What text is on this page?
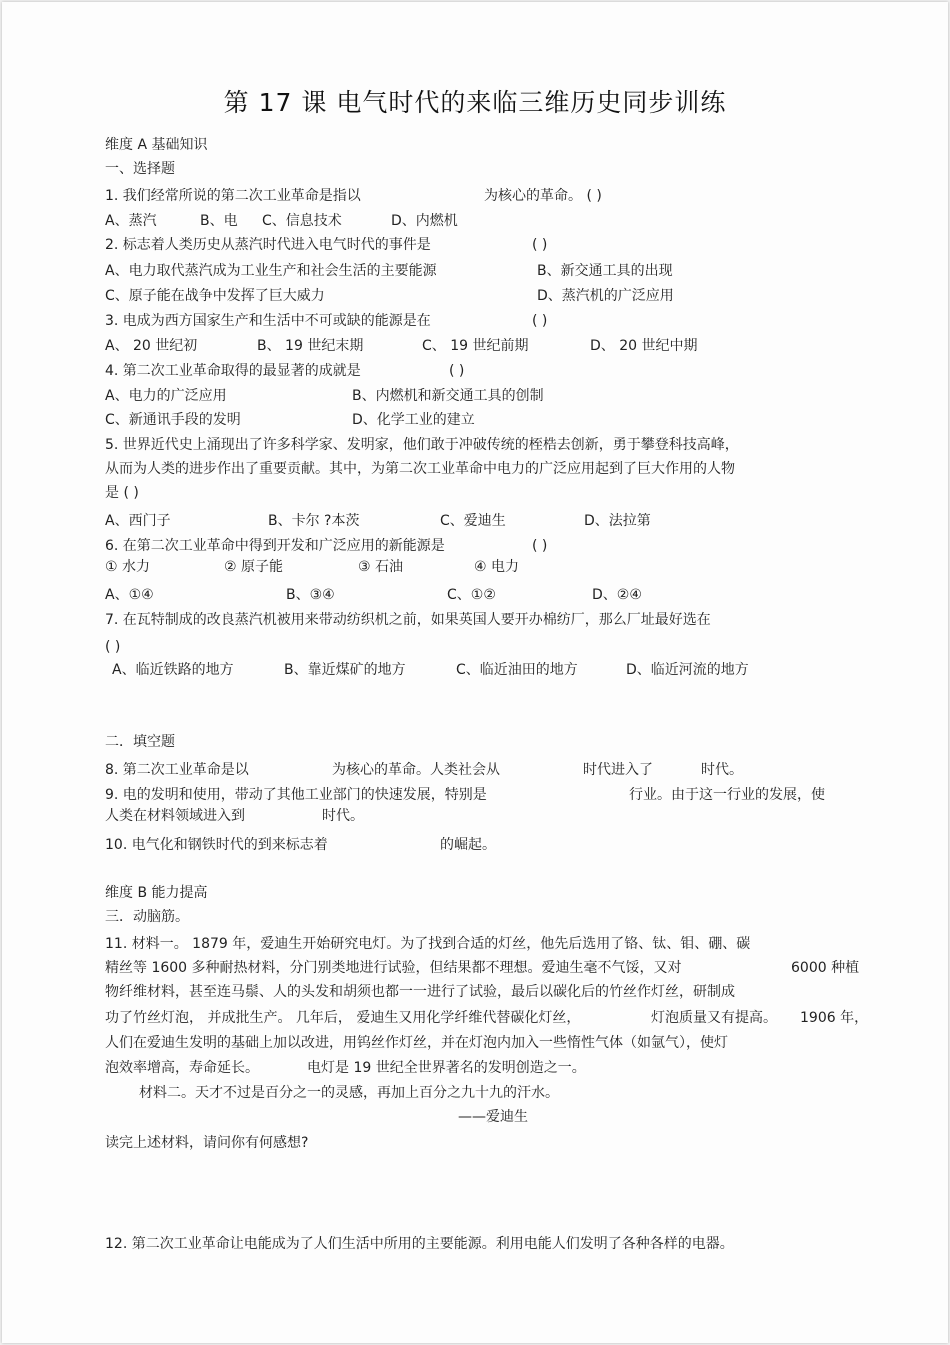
第 17 课 电气时代的来临三维历史同步训练
维度 A 基础知识
一、选择题
1. 我们经常所说的第二次工业革命是指以	为核心的革命。 ( )
A、蒸汽	B、电 C、信息技术	D、内燃机
2. 标志着人类历史从蒸汽时代进入电气时代的事件是	( )
A、电力取代蒸汽成为工业生产和社会生活的主要能源	B、新交通工具的出现
C、原子能在战争中发挥了巨大威力	D、蒸汽机的广泛应用
3. 电成为西方国家生产和生活中不可或缺的能源是在	( )
A、 20 世纪初	B、 19 世纪末期	C、 19 世纪前期	D、 20 世纪中期
4. 第二次工业革命取得的最显著的成就是	( )
A、电力的广泛应用	B、内燃机和新交通工具的创制
C、新通讯手段的发明	D、化学工业的建立
5. 世界近代史上涌现出了许多科学家、发明家，他们敢于冲破传统的桎梏去创新，勇于攀登科技高峰，
从而为人类的进步作出了重要贡献。其中，为第二次工业革命中电力的广泛应用起到了巨大作用的人物
是 ( )
A、西门子	B、卡尔 ?本茨	C、爱迪生	D、法拉第
6. 在第二次工业革命中得到开发和广泛应用的新能源是	( )
① 水力	② 原子能	③ 石油	④ 电力
A、①④	B、③④	C、①②	D、②④
7. 在瓦特制成的改良蒸汽机被用来带动纺织机之前，如果英国人要开办棉纺厂，那么厂址最好选在
( )
A、临近铁路的地方	B、靠近煤矿的地方	C、临近油田的地方	D、临近河流的地方
二．填空题
8. 第二次工业革命是以	为核心的革命。人类社会从	时代进入了	时代。
9. 电的发明和使用，带动了其他工业部门的快速发展，特别是	行业。由于这一行业的发展，使
人类在材料领域进入到	时代。
10. 电气化和钢铁时代的到来标志着	的崛起。
维度 B 能力提高
三．动脑筋。
11. 材料一。 1879 年，爱迪生开始研究电灯。为了找到合适的灯丝，他先后选用了铬、钛、钼、硼、碳
精丝等 1600 多种耐热材料，分门别类地进行试验，但结果都不理想。爱迪生毫不气馁，又对	6000 种植
物纤维材料，甚至连马鬃、人的头发和胡须也都一一进行了试验，最后以碳化后的竹丝作灯丝，研制成
功了竹丝灯泡， 并成批生产。 几年后， 爱迪生又用化学纤维代替碳化灯丝，	灯泡质量又有提高。 1906 年，
人们在爱迪生发明的基础上加以改进，用钨丝作灯丝，并在灯泡内加入一些惰性气体（如氩气），使灯
泡效率增高，寿命延长。	电灯是 19 世纪全世界著名的发明创造之一。
材料二。天才不过是百分之一的灵感，再加上百分之九十九的汗水。
——爱迪生
读完上述材料，请问你有何感想?
12. 第二次工业革命让电能成为了人们生活中所用的主要能源。利用电能人们发明了各种各样的电器。
